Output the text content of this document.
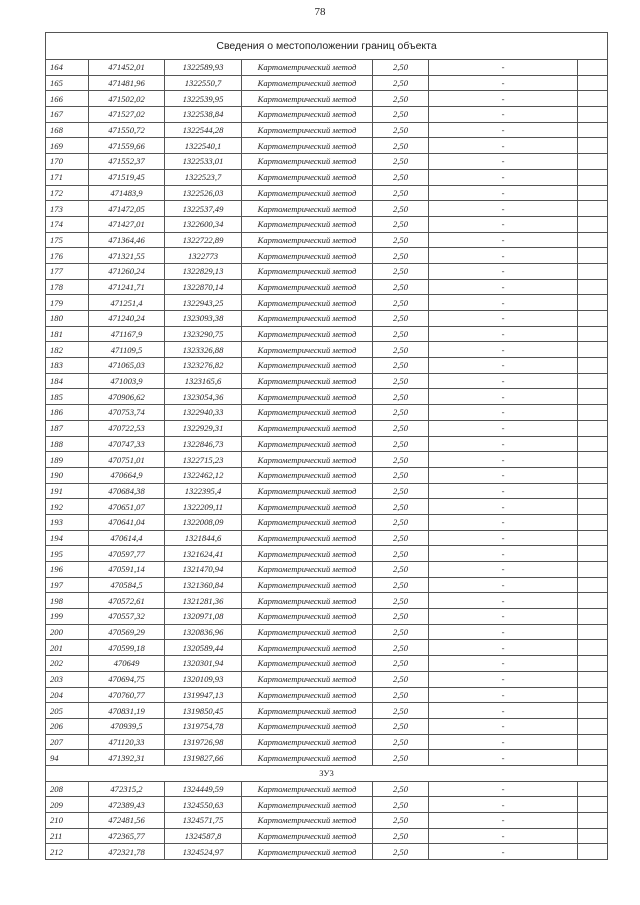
78
Сведения о местоположении границ объекта						
164	471452,01	1322589,93	Картометрический метод	2,50	-	
165	471481,96	1322550,7	Картометрический метод	2,50	-	
166	471502,02	1322539,95	Картометрический метод	2,50	-	
167	471527,02	1322538,84	Картометрический метод	2,50	-	
168	471550,72	1322544,28	Картометрический метод	2,50	-	
169	471559,66	1322540,1	Картометрический метод	2,50	-	
170	471552,37	1322533,01	Картометрический метод	2,50	-	
171	471519,45	1322523,7	Картометрический метод	2,50	-	
172	471483,9	1322526,03	Картометрический метод	2,50	-	
173	471472,05	1322537,49	Картометрический метод	2,50	-	
174	471427,01	1322600,34	Картометрический метод	2,50	-	
175	471364,46	1322722,89	Картометрический метод	2,50	-	
176	471321,55	1322773	Картометрический метод	2,50	-	
177	471260,24	1322829,13	Картометрический метод	2,50	-	
178	471241,71	1322870,14	Картометрический метод	2,50	-	
179	471251,4	1322943,25	Картометрический метод	2,50	-	
180	471240,24	1323093,38	Картометрический метод	2,50	-	
181	471167,9	1323290,75	Картометрический метод	2,50	-	
182	471109,5	1323326,88	Картометрический метод	2,50	-	
183	471065,03	1323276,82	Картометрический метод	2,50	-	
184	471003,9	1323165,6	Картометрический метод	2,50	-	
185	470906,62	1323054,36	Картометрический метод	2,50	-	
186	470753,74	1322940,33	Картометрический метод	2,50	-	
187	470722,53	1322929,31	Картометрический метод	2,50	-	
188	470747,33	1322846,73	Картометрический метод	2,50	-	
189	470751,01	1322715,23	Картометрический метод	2,50	-	
190	470664,9	1322462,12	Картометрический метод	2,50	-	
191	470684,38	1322395,4	Картометрический метод	2,50	-	
192	470651,07	1322209,11	Картометрический метод	2,50	-	
193	470641,04	1322008,09	Картометрический метод	2,50	-	
194	470614,4	1321844,6	Картометрический метод	2,50	-	
195	470597,77	1321624,41	Картометрический метод	2,50	-	
196	470591,14	1321470,94	Картометрический метод	2,50	-	
197	470584,5	1321360,84	Картометрический метод	2,50	-	
198	470572,61	1321281,36	Картометрический метод	2,50	-	
199	470557,32	1320971,08	Картометрический метод	2,50	-	
200	470569,29	1320836,96	Картометрический метод	2,50	-	
201	470599,18	1320589,44	Картометрический метод	2,50	-	
202	470649	1320301,94	Картометрический метод	2,50	-	
203	470694,75	1320109,93	Картометрический метод	2,50	-	
204	470760,77	1319947,13	Картометрический метод	2,50	-	
205	470831,19	1319850,45	Картометрический метод	2,50	-	
206	470939,5	1319754,78	Картометрический метод	2,50	-	
207	471120,33	1319726,98	Картометрический метод	2,50	-	
94	471392,31	1319827,66	Картометрический метод	2,50	-	
ЗУ3						
208	472315,2	1324449,59	Картометрический метод	2,50	-	
209	472389,43	1324550,63	Картометрический метод	2,50	-	
210	472481,56	1324571,75	Картометрический метод	2,50	-	
211	472365,77	1324587,8	Картометрический метод	2,50	-	
212	472321,78	1324524,97	Картометрический метод	2,50	-	
